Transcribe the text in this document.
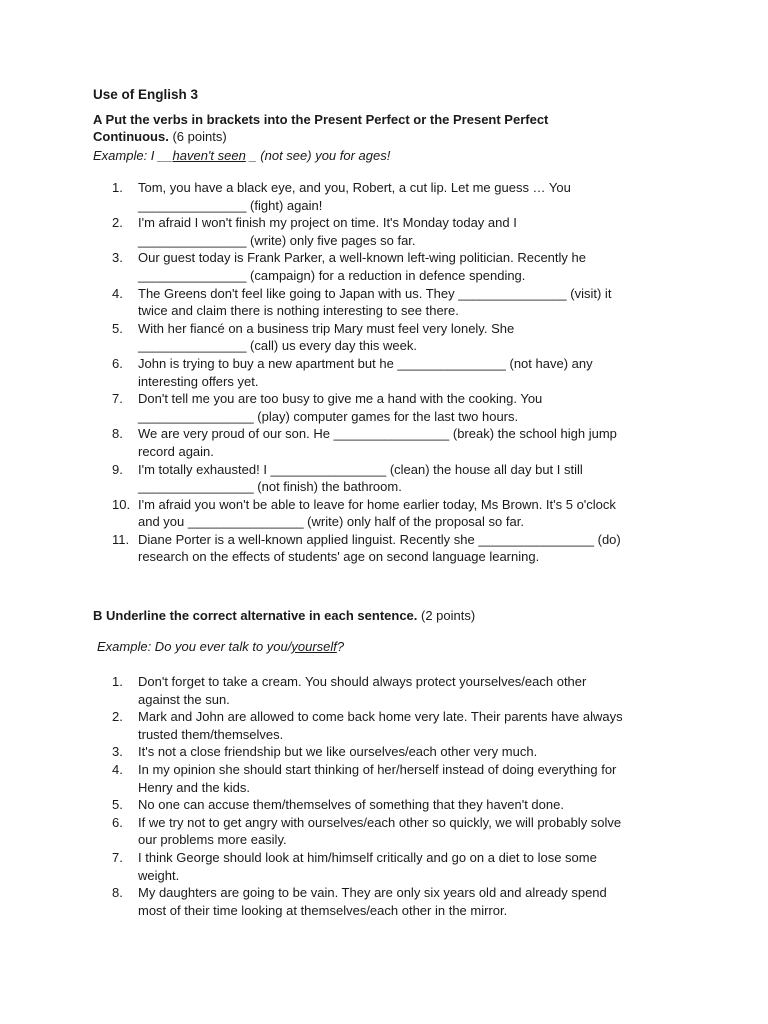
Use of English 3
A Put the verbs in brackets into the Present Perfect or the Present Perfect
Continuous. (6 points)
Example: I __haven't seen _ (not see) you for ages!
1.	Tom, you have a black eye, and you, Robert, a cut lip. Let me guess … You
_______________ (fight) again!
2.	I'm afraid I won't finish my project on time. It's Monday today and I
_______________ (write) only five pages so far.
3.	Our guest today is Frank Parker, a well-known left-wing politician. Recently he
_______________ (campaign) for a reduction in defence spending.
4.	The Greens don't feel like going to Japan with us. They _______________ (visit) it
twice and claim there is nothing interesting to see there.
5.	With her fiancé on a business trip Mary must feel very lonely. She
_______________ (call) us every day this week.
6.	John is trying to buy a new apartment but he _______________ (not have) any
interesting offers yet.
7.	Don't tell me you are too busy to give me a hand with the cooking. You
________________ (play) computer games for the last two hours.
8.	We are very proud of our son. He ________________ (break) the school high jump
record again.
9.	I'm totally exhausted! I ________________ (clean) the house all day but I still
________________ (not finish) the bathroom.
10. I'm afraid you won't be able to leave for home earlier today, Ms Brown. It's 5 o'clock
and you ________________ (write) only half of the proposal so far.
11. Diane Porter is a well-known applied linguist. Recently she ________________ (do)
research on the effects of students' age on second language learning.
B Underline the correct alternative in each sentence. (2 points)
Example: Do you ever talk to you/yourself?
1.	Don't forget to take a cream. You should always protect yourselves/each other
against the sun.
2.	Mark and John are allowed to come back home very late. Their parents have always
trusted them/themselves.
3.	It's not a close friendship but we like ourselves/each other very much.
4.	In my opinion she should start thinking of her/herself instead of doing everything for
Henry and the kids.
5.	No one can accuse them/themselves of something that they haven't done.
6.	If we try not to get angry with ourselves/each other so quickly, we will probably solve
our problems more easily.
7.	I think George should look at him/himself critically and go on a diet to lose some
weight.
8.	My daughters are going to be vain. They are only six years old and already spend
most of their time looking at themselves/each other in the mirror.
